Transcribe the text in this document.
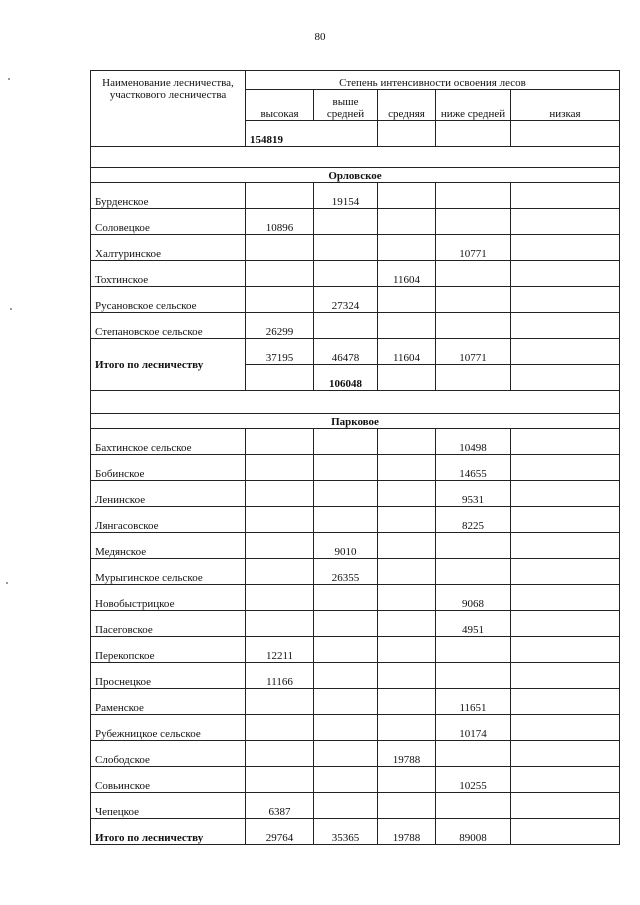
80
Наименование лесничества, участкового лесничества	Степень интенсивности освоения лесов				
	высокая	выше средней	средняя	ниже средней	низкая
	154819				

Орловское					
Бурденское		19154			
Соловецкое	10896				
Халтуринское				10771	
Тохтинское			11604		
Русановское сельское		27324			
Степановское сельское	26299				
Итого по лесничеству	37195	46478	11604	10771	
		106048			

Парковое					
Бахтинское сельское				10498	
Бобинское				14655	
Ленинское				9531	
Лянгасовское				8225	
Медянское		9010			
Мурыгинское сельское		26355			
Новобыстрицкое				9068	
Пасеговское				4951	
Перекопское	12211				
Проснецкое	11166				
Раменское				11651	
Рубежницкое сельское				10174	
Слободское			19788		
Совьинское				10255	
Чепецкое	6387				
Итого по лесничеству	29764	35365	19788	89008	
